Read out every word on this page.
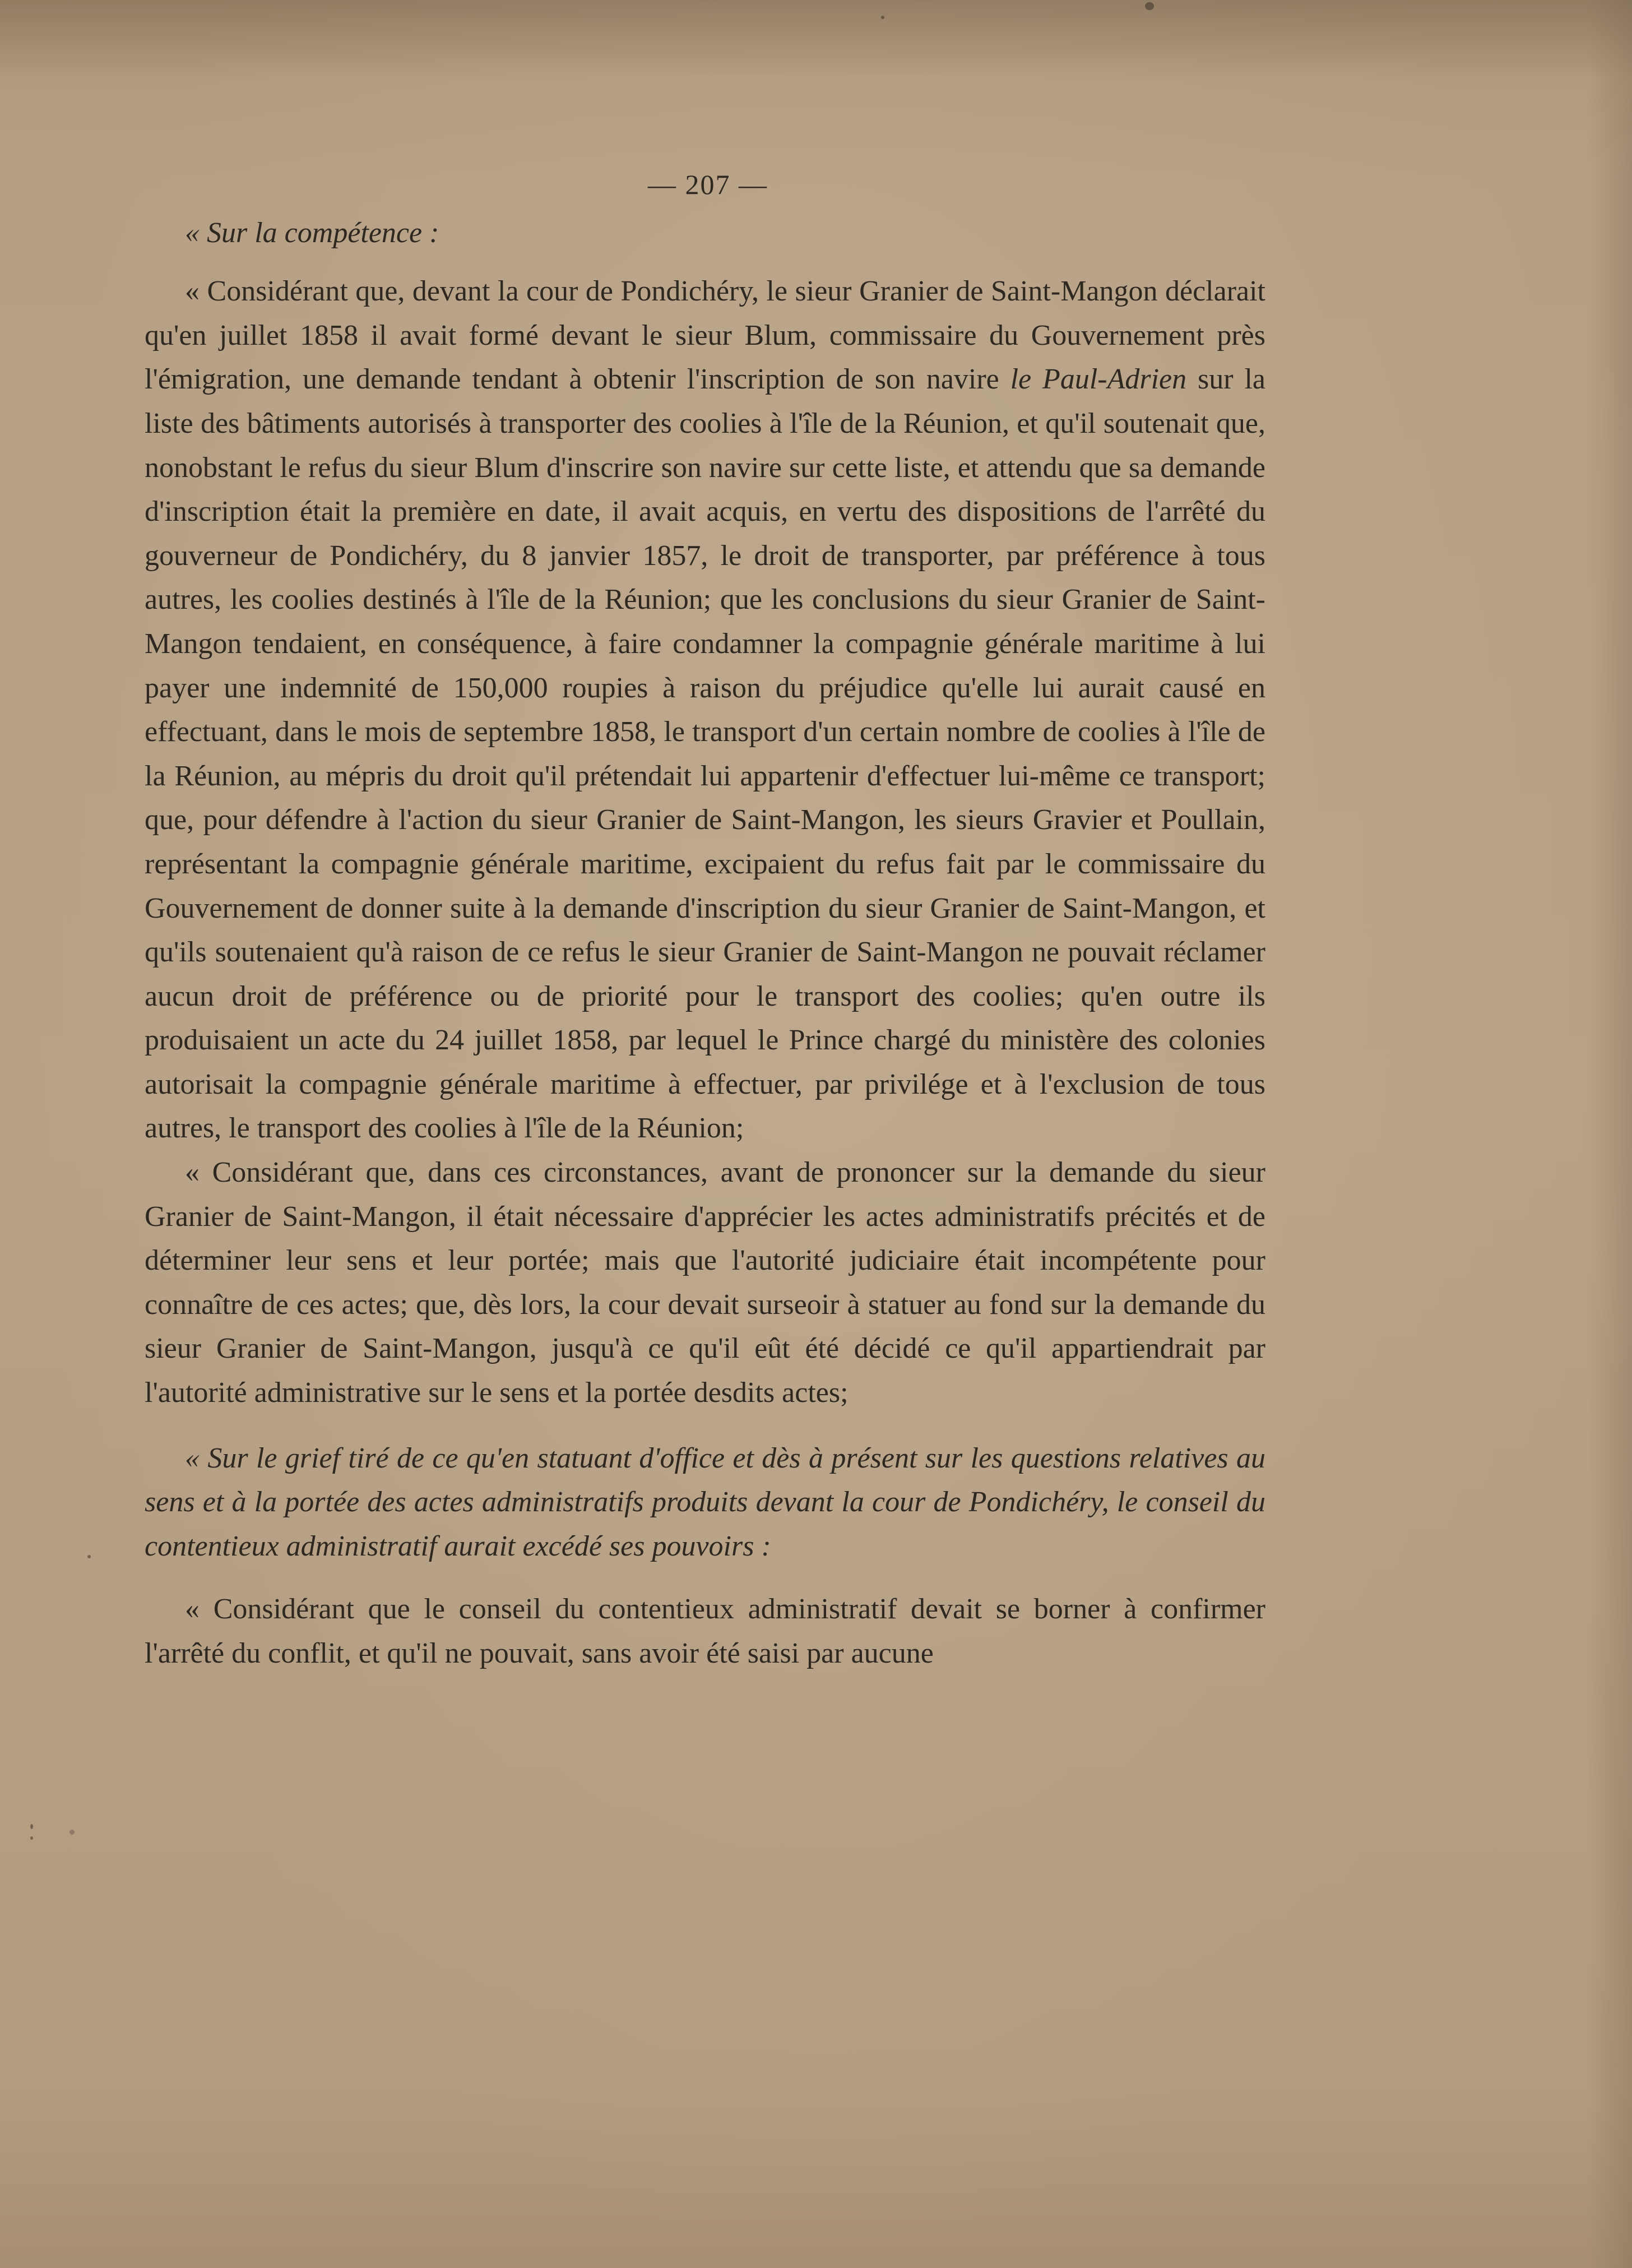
— 207 —
« Sur la compétence :

« Considérant que, devant la cour de Pondichéry, le sieur Granier de Saint-Mangon déclarait qu'en juillet 1858 il avait formé devant le sieur Blum, commissaire du Gouvernement près l'émigration, une demande tendant à obtenir l'inscription de son navire le Paul-Adrien sur la liste des bâtiments autorisés à transporter des coolies à l'île de la Réunion, et qu'il soutenait que, nonobstant le refus du sieur Blum d'inscrire son navire sur cette liste, et attendu que sa demande d'inscription était la première en date, il avait acquis, en vertu des dispositions de l'arrêté du gouverneur de Pondichéry, du 8 janvier 1857, le droit de transporter, par préférence à tous autres, les coolies destinés à l'île de la Réunion; que les conclusions du sieur Granier de Saint-Mangon tendaient, en conséquence, à faire condamner la compagnie générale maritime à lui payer une indemnité de 150,000 roupies à raison du préjudice qu'elle lui aurait causé en effectuant, dans le mois de septembre 1858, le transport d'un certain nombre de coolies à l'île de la Réunion, au mépris du droit qu'il prétendait lui appartenir d'effectuer lui-même ce transport; que, pour défendre à l'action du sieur Granier de Saint-Mangon, les sieurs Gravier et Poullain, représentant la compagnie générale maritime, excipaient du refus fait par le commissaire du Gouvernement de donner suite à la demande d'inscription du sieur Granier de Saint-Mangon, et qu'ils soutenaient qu'à raison de ce refus le sieur Granier de Saint-Mangon ne pouvait réclamer aucun droit de préférence ou de priorité pour le transport des coolies; qu'en outre ils produisaient un acte du 24 juillet 1858, par lequel le Prince chargé du ministère des colonies autorisait la compagnie générale maritime à effectuer, par privilége et à l'exclusion de tous autres, le transport des coolies à l'île de la Réunion;

« Considérant que, dans ces circonstances, avant de prononcer sur la demande du sieur Granier de Saint-Mangon, il était nécessaire d'apprécier les actes administratifs précités et de déterminer leur sens et leur portée; mais que l'autorité judiciaire était incompétente pour connaître de ces actes; que, dès lors, la cour devait surseoir à statuer au fond sur la demande du sieur Granier de Saint-Mangon, jusqu'à ce qu'il eût été décidé ce qu'il appartiendrait par l'autorité administrative sur le sens et la portée desdits actes;

« Sur le grief tiré de ce qu'en statuant d'office et dès à présent sur les questions relatives au sens et à la portée des actes administratifs produits devant la cour de Pondichéry, le conseil du contentieux administratif aurait excédé ses pouvoirs :

« Considérant que le conseil du contentieux administratif devait se borner à confirmer l'arrêté du conflit, et qu'il ne pouvait, sans avoir été saisi par aucune
